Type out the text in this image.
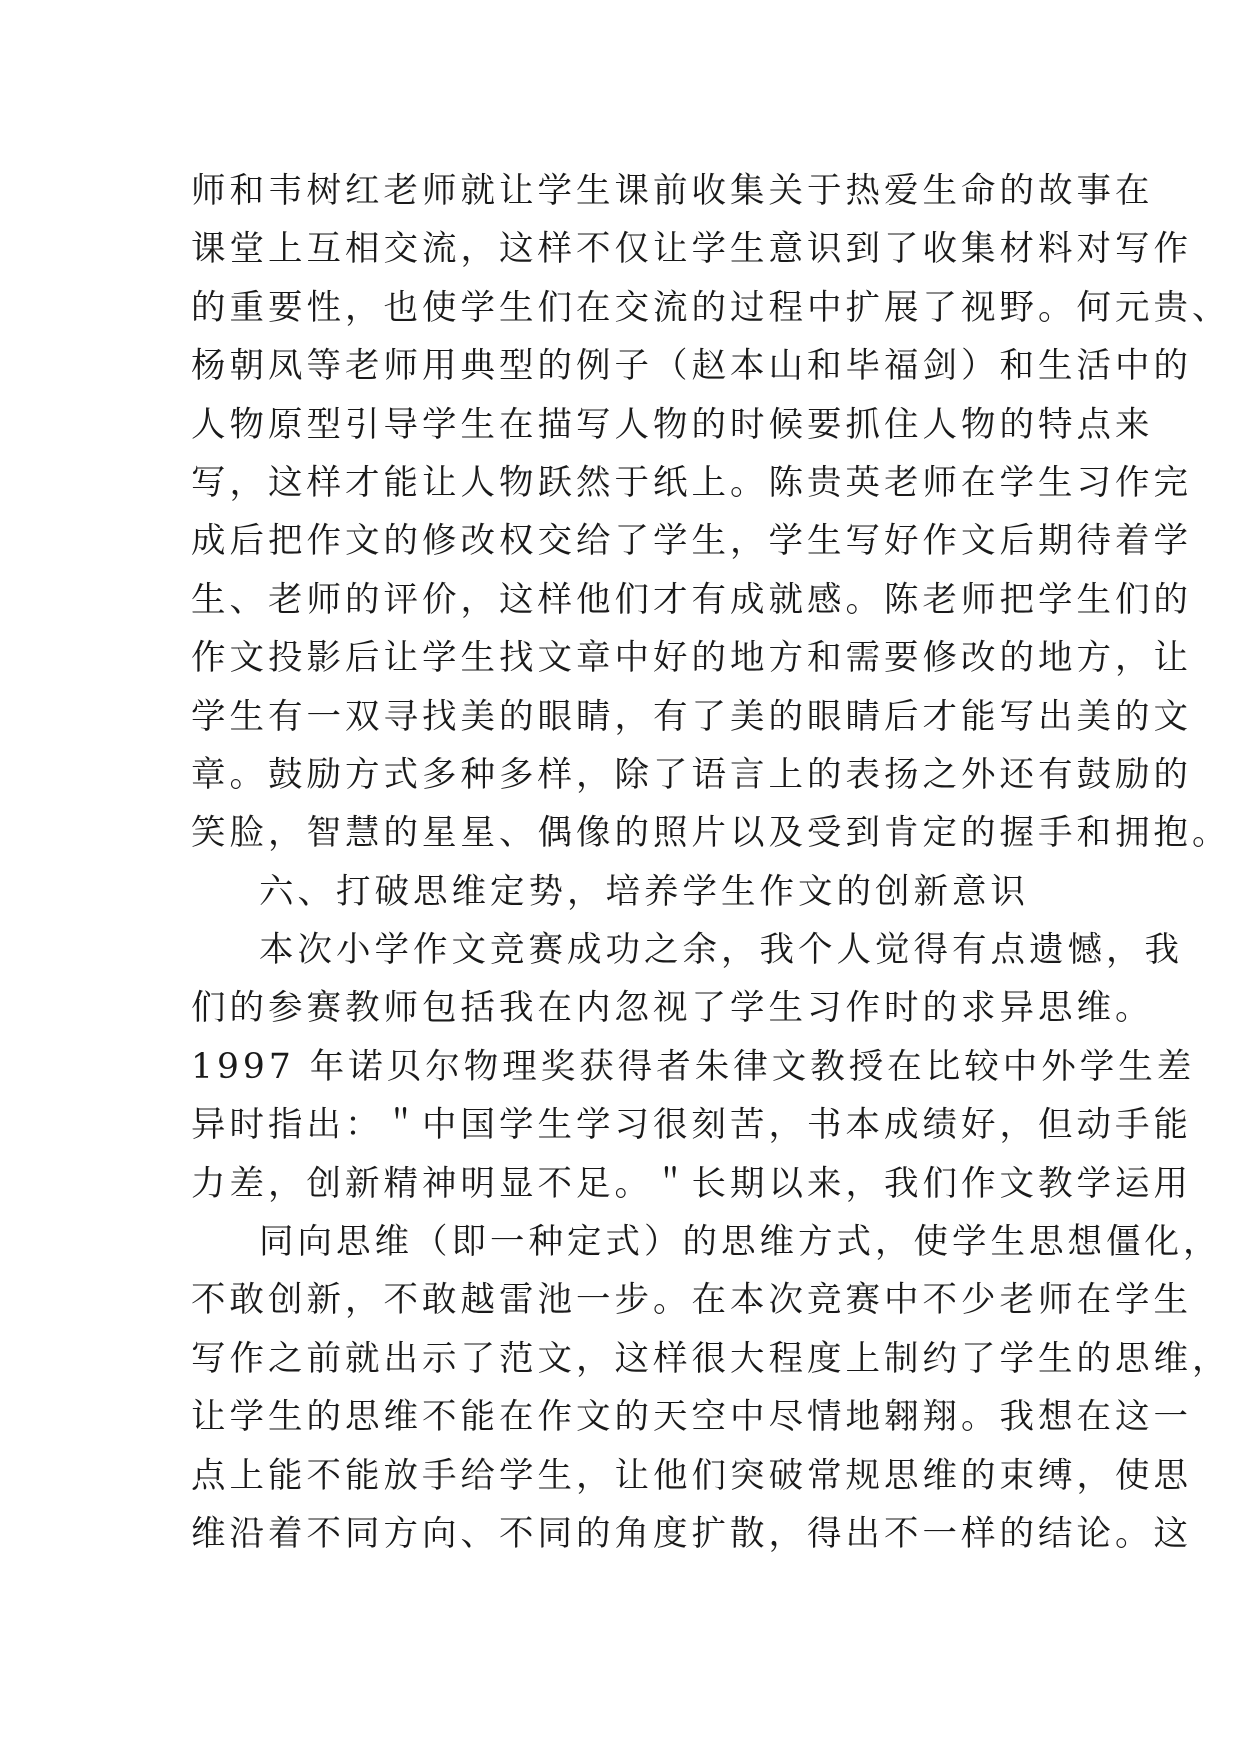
师和韦树红老师就让学生课前收集关于热爱生命的故事在
课堂上互相交流，这样不仅让学生意识到了收集材料对写作
的重要性，也使学生们在交流的过程中扩展了视野。何元贵、
杨朝凤等老师用典型的例子（赵本山和毕福剑）和生活中的
人物原型引导学生在描写人物的时候要抓住人物的特点来
写，这样才能让人物跃然于纸上。陈贵英老师在学生习作完
成后把作文的修改权交给了学生，学生写好作文后期待着学
生、老师的评价，这样他们才有成就感。陈老师把学生们的
作文投影后让学生找文章中好的地方和需要修改的地方，让
学生有一双寻找美的眼睛，有了美的眼睛后才能写出美的文
章。鼓励方式多种多样，除了语言上的表扬之外还有鼓励的
笑脸，智慧的星星、偶像的照片以及受到肯定的握手和拥抱。
六、打破思维定势，培养学生作文的创新意识
本次小学作文竞赛成功之余，我个人觉得有点遗憾，我
们的参赛教师包括我在内忽视了学生习作时的求异思维。
1997 年诺贝尔物理奖获得者朱律文教授在比较中外学生差
异时指出：＂中国学生学习很刻苦，书本成绩好，但动手能
力差，创新精神明显不足。＂长期以来，我们作文教学运用
同向思维（即一种定式）的思维方式，使学生思想僵化，
不敢创新，不敢越雷池一步。在本次竞赛中不少老师在学生
写作之前就出示了范文，这样很大程度上制约了学生的思维，
让学生的思维不能在作文的天空中尽情地翱翔。我想在这一
点上能不能放手给学生，让他们突破常规思维的束缚，使思
维沿着不同方向、不同的角度扩散，得出不一样的结论。这
